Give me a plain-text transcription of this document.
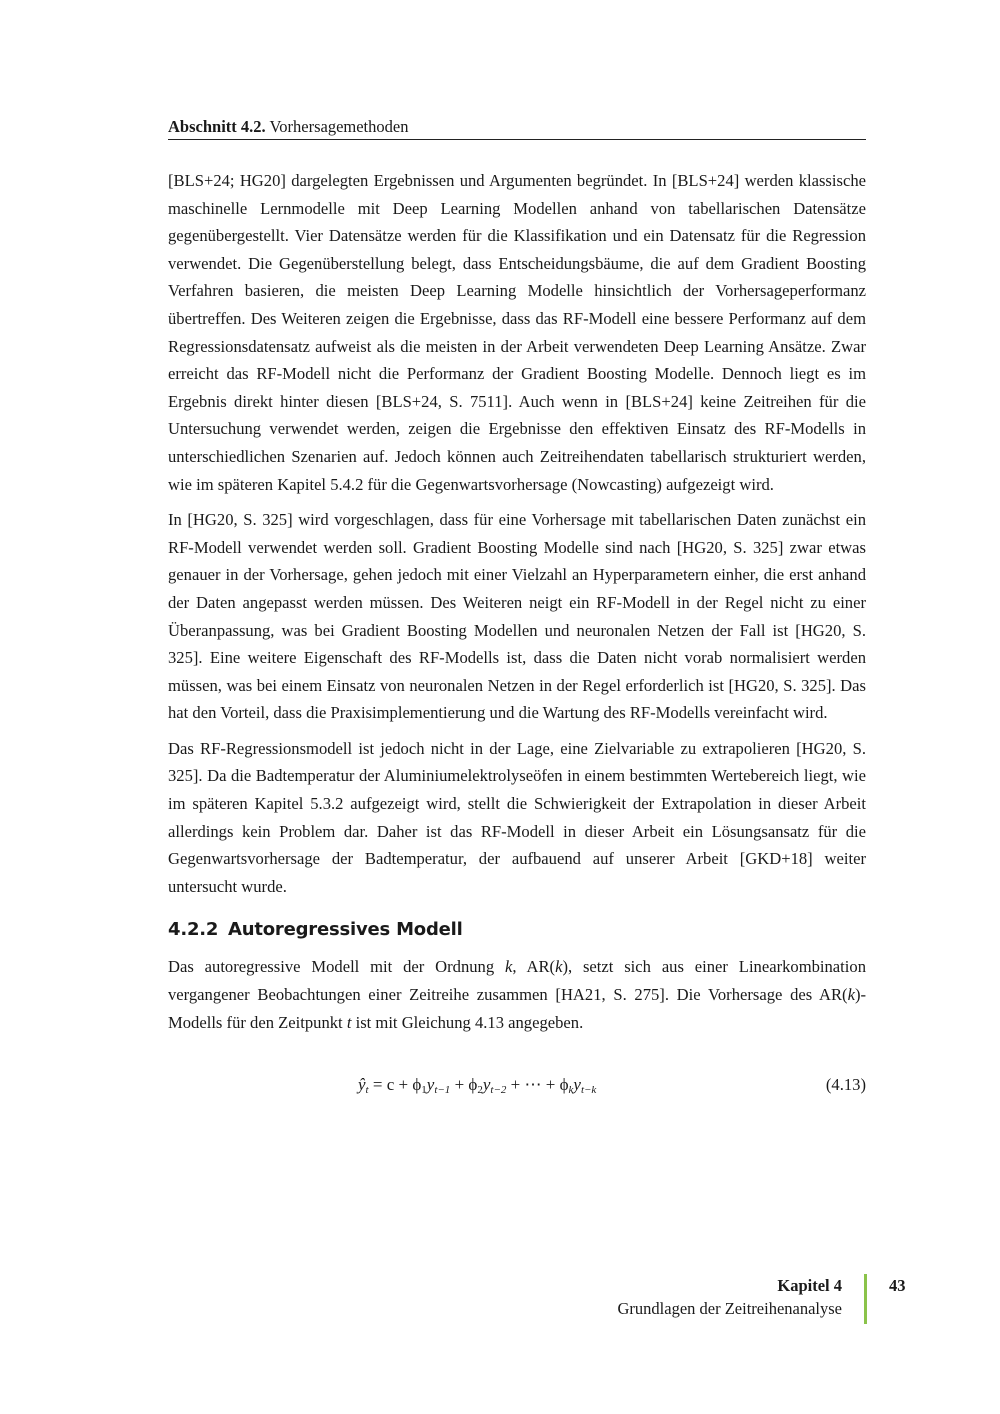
Abschnitt 4.2. Vorhersagemethoden

[BLS+24; HG20] dargelegten Ergebnissen und Argumenten begründet. In [BLS+24] werden klassische maschinelle Lernmodelle mit Deep Learning Modellen anhand von tabellarischen Datensätze gegenübergestellt. Vier Datensätze werden für die Klassifikation und ein Datensatz für die Regression verwendet. Die Gegenüberstellung belegt, dass Entscheidungsbäume, die auf dem Gradient Boosting Verfahren basieren, die meisten Deep Learning Modelle hinsichtlich der Vorhersageperformanz übertreffen. Des Weiteren zeigen die Ergebnisse, dass das RF-Modell eine bessere Performanz auf dem Regressionsdatensatz aufweist als die meisten in der Arbeit verwendeten Deep Learning Ansätze. Zwar erreicht das RF-Modell nicht die Performanz der Gradient Boosting Modelle. Dennoch liegt es im Ergebnis direkt hinter diesen [BLS+24, S. 7511]. Auch wenn in [BLS+24] keine Zeitreihen für die Untersuchung verwendet werden, zeigen die Ergebnisse den effektiven Einsatz des RF-Modells in unterschiedlichen Szenarien auf. Jedoch können auch Zeitreihendaten tabellarisch strukturiert werden, wie im späteren Kapitel 5.4.2 für die Gegenwartsvorhersage (Nowcasting) aufgezeigt wird.

In [HG20, S. 325] wird vorgeschlagen, dass für eine Vorhersage mit tabellarischen Daten zunächst ein RF-Modell verwendet werden soll. Gradient Boosting Modelle sind nach [HG20, S. 325] zwar etwas genauer in der Vorhersage, gehen jedoch mit einer Vielzahl an Hyperparametern einher, die erst anhand der Daten angepasst werden müssen. Des Weiteren neigt ein RF-Modell in der Regel nicht zu einer Überanpassung, was bei Gradient Boosting Modellen und neuronalen Netzen der Fall ist [HG20, S. 325]. Eine weitere Eigenschaft des RF-Modells ist, dass die Daten nicht vorab normalisiert werden müssen, was bei einem Einsatz von neuronalen Netzen in der Regel erforderlich ist [HG20, S. 325]. Das hat den Vorteil, dass die Praxisimplementierung und die Wartung des RF-Modells vereinfacht wird.

Das RF-Regressionsmodell ist jedoch nicht in der Lage, eine Zielvariable zu extrapolieren [HG20, S. 325]. Da die Badtemperatur der Aluminiumelektrolyseöfen in einem bestimmten Wertebereich liegt, wie im späteren Kapitel 5.3.2 aufgezeigt wird, stellt die Schwierigkeit der Extrapolation in dieser Arbeit allerdings kein Problem dar. Daher ist das RF-Modell in dieser Arbeit ein Lösungsansatz für die Gegenwartsvorhersage der Badtemperatur, der aufbauend auf unserer Arbeit [GKD+18] weiter untersucht wurde.

4.2.2 Autoregressives Modell

Das autoregressive Modell mit der Ordnung k, AR(k), setzt sich aus einer Linearkombination vergangener Beobachtungen einer Zeitreihe zusammen [HA21, S. 275]. Die Vorhersage des AR(k)-Modells für den Zeitpunkt t ist mit Gleichung 4.13 angegeben.

$ŷ_t = c + \phi_1y_{t-1} + \phi_2y_{t-2}$ + ⋯ + $\phi_ky_{t-k}$	(4.13)
Kapitel 4
Grundlagen der Zeitreihenanalyse
43
